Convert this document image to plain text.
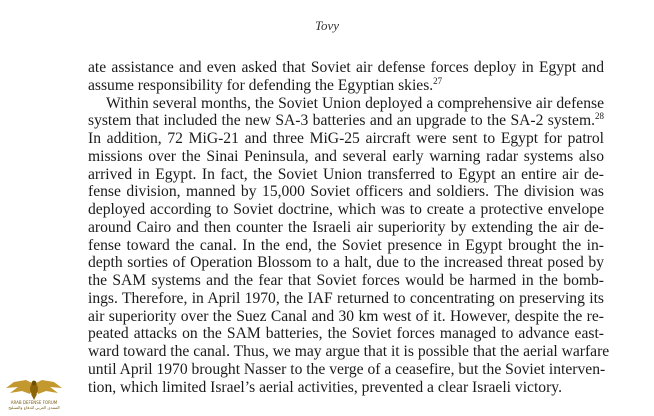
Tovy
ate assistance and even asked that Soviet air defense forces deploy in Egypt and
assume responsibility for defending the Egyptian skies.$^{27}$
Within several months, the Soviet Union deployed a comprehensive air defense
system that included the new SA-3 batteries and an upgrade to the SA-2 system.$^{28}$
In addition, 72 MiG-21 and three MiG-25 aircraft were sent to Egypt for patrol
missions over the Sinai Peninsula, and several early warning radar systems also
arrived in Egypt. In fact, the Soviet Union transferred to Egypt an entire air de-
fense division, manned by 15,000 Soviet officers and soldiers. The division was
deployed according to Soviet doctrine, which was to create a protective envelope
around Cairo and then counter the Israeli air superiority by extending the air de-
fense toward the canal. In the end, the Soviet presence in Egypt brought the in-
depth sorties of Operation Blossom to a halt, due to the increased threat posed by
the SAM systems and the fear that Soviet forces would be harmed in the bomb-
ings. Therefore, in April 1970, the IAF returned to concentrating on preserving its
air superiority over the Suez Canal and 30 km west of it. However, despite the re-
peated attacks on the SAM batteries, the Soviet forces managed to advance east-
ward toward the canal. Thus, we may argue that it is possible that the aerial warfare
until April 1970 brought Nasser to the verge of a ceasefire, but the Soviet interven-
tion, which limited Israel’s aerial activities, prevented a clear Israeli victory.
ARAB DEFENSE FORUM
المنتدى العربي للدفاع والتسليح
